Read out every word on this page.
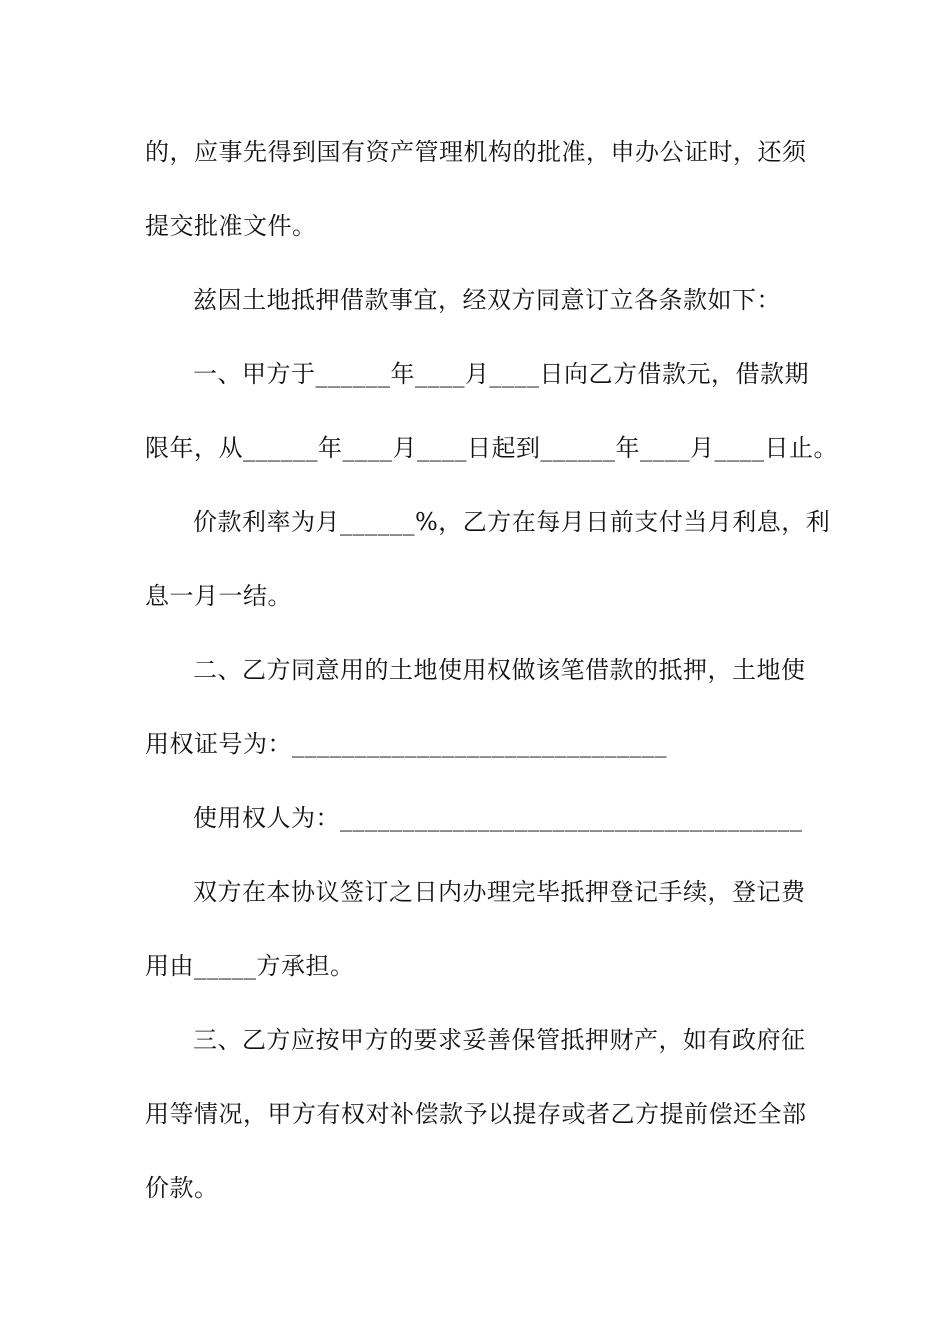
的，应事先得到国有资产管理机构的批准，申办公证时，还须
提交批准文件。
兹因土地抵押借款事宜，经双方同意订立各条款如下：
一、甲方于______年____月____日向乙方借款元，借款期
限年，从______年____月____日起到______年____月____日止。
价款利率为月______%，乙方在每月日前支付当月利息，利
息一月一结。
二、乙方同意用的土地使用权做该笔借款的抵押，土地使
用权证号为：______________________________
使用权人为：_____________________________________
双方在本协议签订之日内办理完毕抵押登记手续，登记费
用由_____方承担。
三、乙方应按甲方的要求妥善保管抵押财产，如有政府征
用等情况，甲方有权对补偿款予以提存或者乙方提前偿还全部
价款。
